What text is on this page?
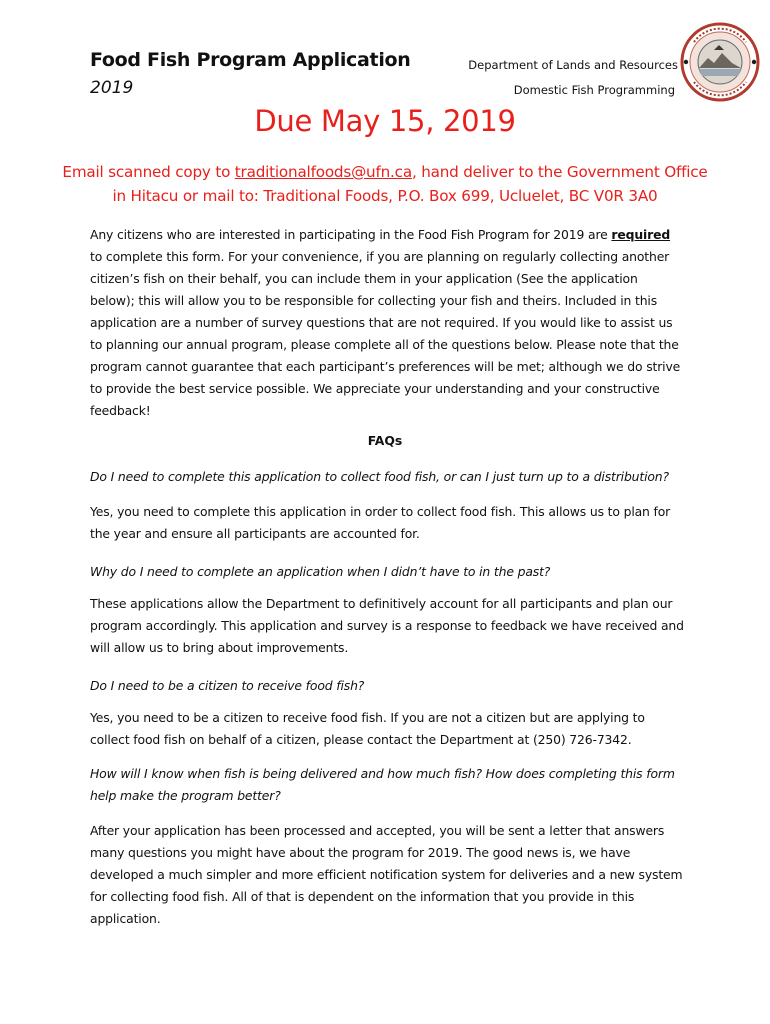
Food Fish Program Application
2019
Department of Lands and Resources
Domestic Fish Programming
Due May 15, 2019
Email scanned copy to traditionalfoods@ufn.ca, hand deliver to the Government Office in Hitacu or mail to: Traditional Foods, P.O. Box 699, Ucluelet, BC V0R 3A0
Any citizens who are interested in participating in the Food Fish Program for 2019 are required to complete this form. For your convenience, if you are planning on regularly collecting another citizen’s fish on their behalf, you can include them in your application (See the application below); this will allow you to be responsible for collecting your fish and theirs. Included in this application are a number of survey questions that are not required. If you would like to assist us to planning our annual program, please complete all of the questions below. Please note that the program cannot guarantee that each participant’s preferences will be met; although we do strive to provide the best service possible. We appreciate your understanding and your constructive feedback!
FAQs
Do I need to complete this application to collect food fish, or can I just turn up to a distribution?
Yes, you need to complete this application in order to collect food fish. This allows us to plan for the year and ensure all participants are accounted for.
Why do I need to complete an application when I didn’t have to in the past?
These applications allow the Department to definitively account for all participants and plan our program accordingly. This application and survey is a response to feedback we have received and will allow us to bring about improvements.
Do I need to be a citizen to receive food fish?
Yes, you need to be a citizen to receive food fish. If you are not a citizen but are applying to collect food fish on behalf of a citizen, please contact the Department at (250) 726-7342.
How will I know when fish is being delivered and how much fish? How does completing this form help make the program better?
After your application has been processed and accepted, you will be sent a letter that answers many questions you might have about the program for 2019. The good news is, we have developed a much simpler and more efficient notification system for deliveries and a new system for collecting food fish. All of that is dependent on the information that you provide in this application.
